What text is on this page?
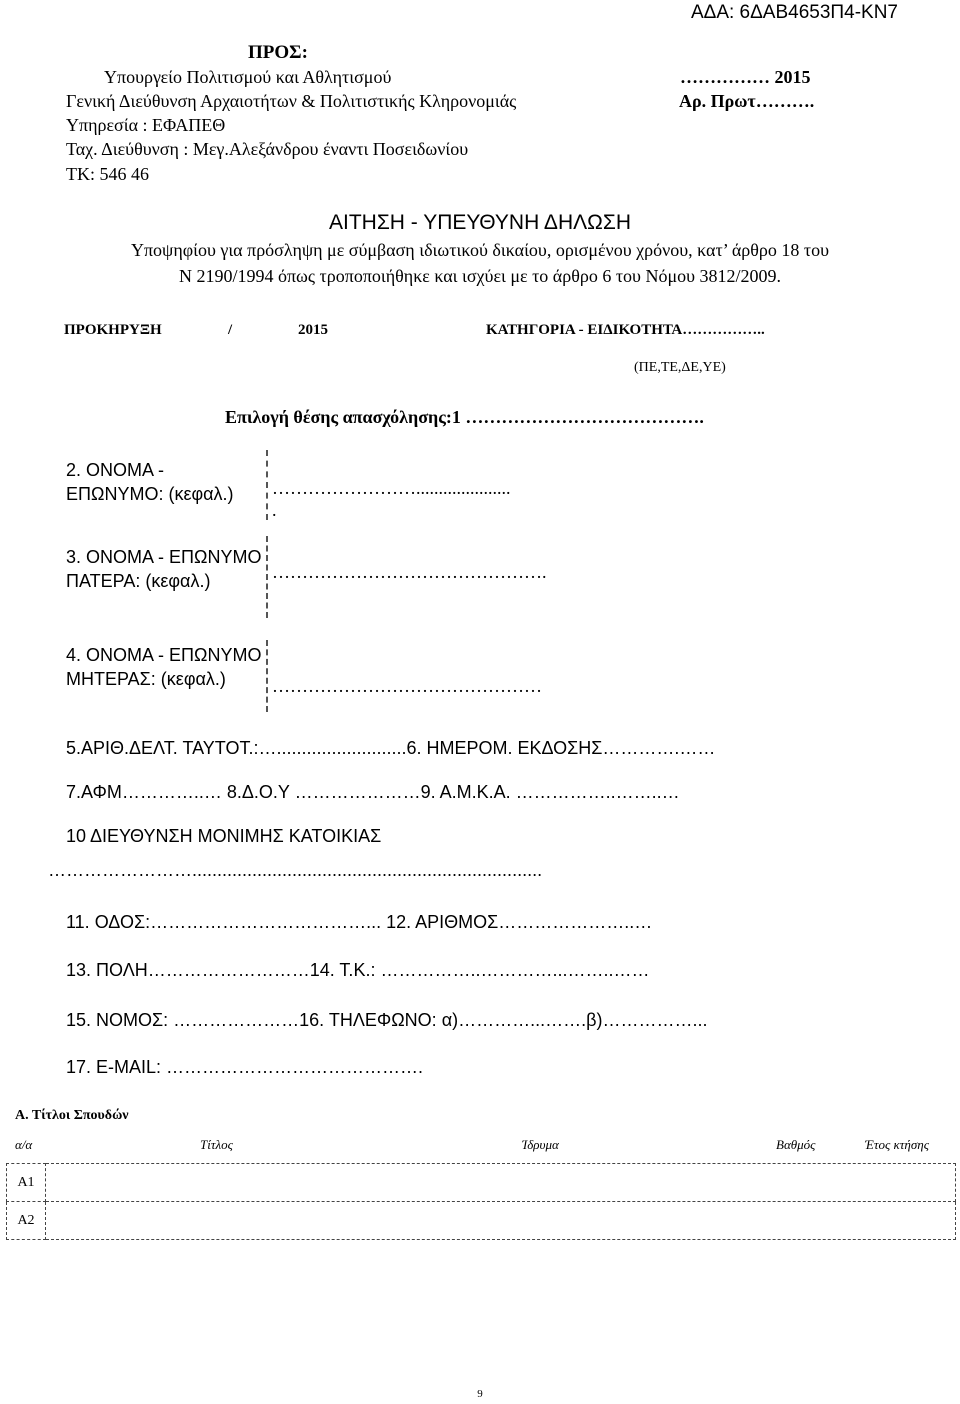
ΑΔΑ: 6ΔΑΒ4653Π4-ΚΝ7
ΠΡΟΣ:
Υπουργείο Πολιτισμού και Αθλητισμού
Γενική Διεύθυνση Αρχαιοτήτων & Πολιτιστικής Κληρονομιάς
Υπηρεσία : ΕΦΑΠΕΘ
Ταχ. Διεύθυνση : Μεγ.Αλεξάνδρου έναντι Ποσειδωνίου
ΤΚ: 546 46
…………… 2015
Αρ. Πρωτ……….
ΑΙΤΗΣΗ - ΥΠΕΥΘΥΝΗ ΔΗΛΩΣΗ
Υποψηφίου για πρόσληψη με σύμβαση ιδιωτικού δικαίου, ορισμένου χρόνου, κατ’ άρθρο 18 του
Ν 2190/1994 όπως τροποποιήθηκε και ισχύει με το άρθρο 6 του Νόμου 3812/2009.
ΠΡΟΚΗΡΥΞΗ	/	2015	ΚΑΤΗΓΟΡΙΑ - ΕΙΔΙΚΟΤΗΤΑ……………..
(ΠΕ,ΤΕ,ΔΕ,ΥΕ)
Επιλογή θέσης απασχόλησης:1 ………………………………….
2. ΟΝΟΜΑ - ΕΠΩΝΥΜΟ: (κεφαλ.)	…………………….....................
.
3. ΟΝΟΜΑ - ΕΠΩΝΥΜΟ ΠΑΤΕΡΑ: (κεφαλ.)	……………………………………….
4. ΟΝΟΜΑ - ΕΠΩΝΥΜΟ ΜΗΤΕΡΑΣ: (κεφαλ.)	………………………………………
5.ΑΡΙΘ.ΔΕΛΤ. ΤΑΥΤΟΤ.:…..........................6. ΗΜΕΡΟΜ. ΕΚΔΟΣΗΣ………….……
7.ΑΦΜ…………..… 8.Δ.Ο.Υ …………………9. Α.Μ.Κ.Α. ……………..……..…
10 ΔΙΕΥΘΥΝΣΗ ΜΟΝΙΜΗΣ ΚΑΤΟΙΚΙΑΣ
……………………......................................................................
11. ΟΔΟΣ:………………………………... 12. ΑΡΙΘΜΟΣ…………………..…
13. ΠΟΛΗ………………………14. Τ.Κ.: ……………..…………...……..……
15. ΝΟΜΟΣ: …………………16. ΤΗΛΕΦΩΝΟ: α)…………...…….β)……………...
17. E-MAIL: …………………………………….
Α. Τίτλοι Σπουδών
α/α	Τίτλος	Ίδρυμα	Βαθμός	Έτος κτήσης
Α1	
Α2	
9
